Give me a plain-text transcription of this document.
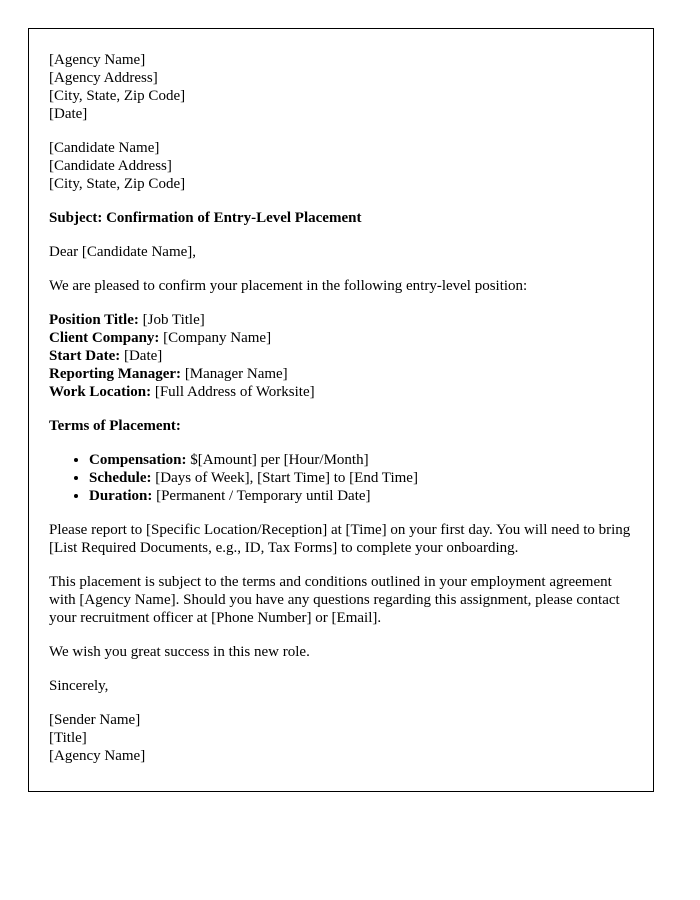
[Agency Name]
[Agency Address]
[City, State, Zip Code]
[Date]
[Candidate Name]
[Candidate Address]
[City, State, Zip Code]
Subject: Confirmation of Entry-Level Placement
Dear [Candidate Name],

We are pleased to confirm your placement in the following entry-level position:

Position Title: [Job Title]
Client Company: [Company Name]
Start Date: [Date]
Reporting Manager: [Manager Name]
Work Location: [Full Address of Worksite]
Terms of Placement:
• Compensation: $[Amount] per [Hour/Month]
• Schedule: [Days of Week], [Start Time] to [End Time]
• Duration: [Permanent / Temporary until Date]

Please report to [Specific Location/Reception] at [Time] on your first day. You will need to bring [List Required Documents, e.g., ID, Tax Forms] to complete your onboarding.

This placement is subject to the terms and conditions outlined in your employment agreement with [Agency Name]. Should you have any questions regarding this assignment, please contact your recruitment officer at [Phone Number] or [Email].

We wish you great success in this new role.

Sincerely,
[Sender Name]
[Title]
[Agency Name]
